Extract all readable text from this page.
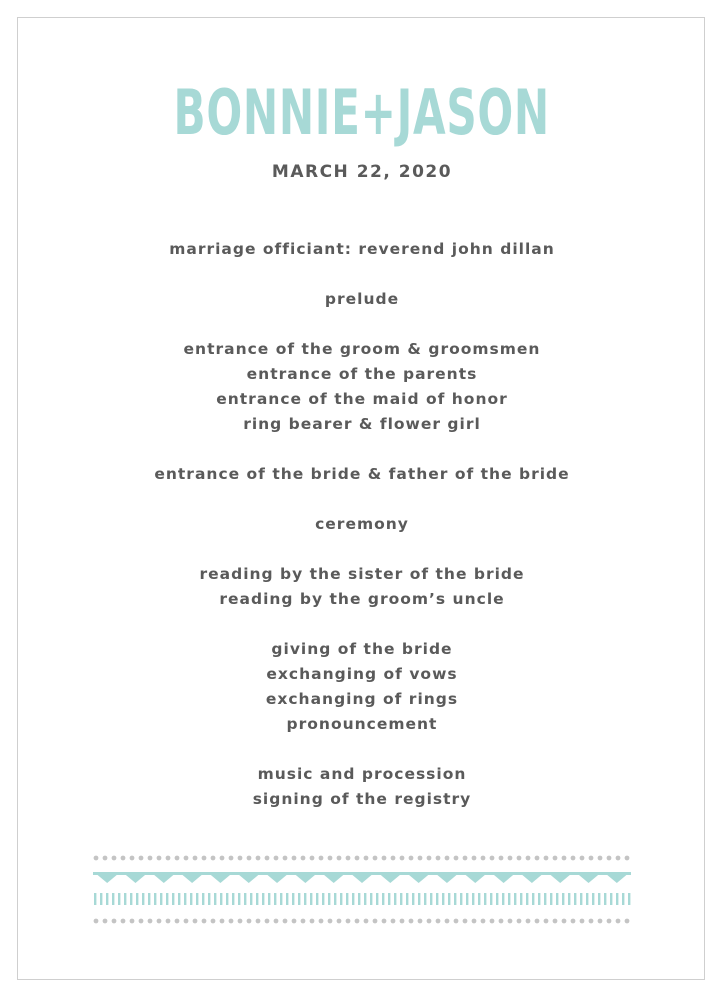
BONNIE+JASON
MARCH 22, 2020
marriage officiant: reverend john dillan
prelude
entrance of the groom & groomsmen
entrance of the parents
entrance of the maid of honor
ring bearer & flower girl
entrance of the bride & father of the bride
ceremony
reading by the sister of the bride
reading by the groom’s uncle
giving of the bride
exchanging of vows
exchanging of rings
pronouncement
music and procession
signing of the registry
